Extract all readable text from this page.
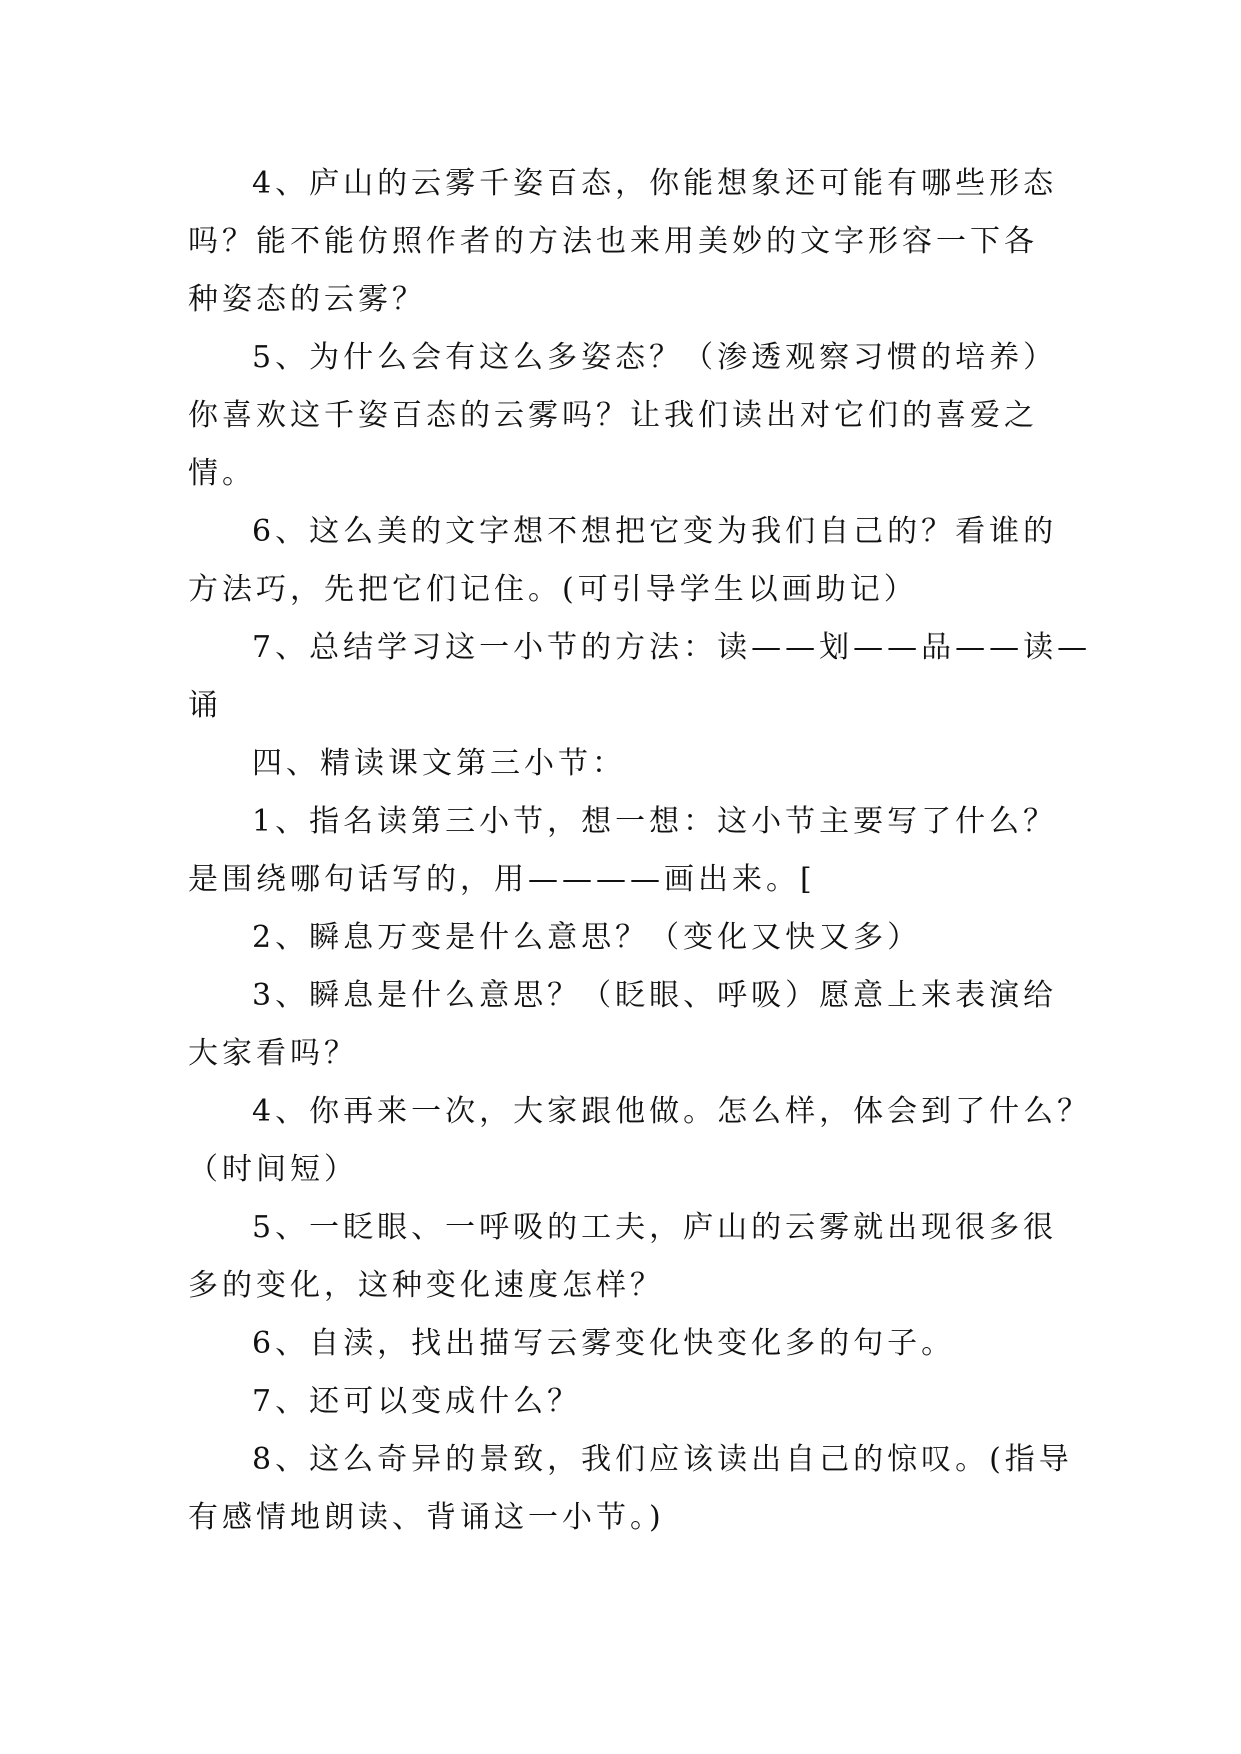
4、庐山的云雾千姿百态，你能想象还可能有哪些形态
吗？能不能仿照作者的方法也来用美妙的文字形容一下各
种姿态的云雾？

5、为什么会有这么多姿态？（渗透观察习惯的培养）
你喜欢这千姿百态的云雾吗？让我们读出对它们的喜爱之
情。

6、这么美的文字想不想把它变为我们自己的？看谁的
方法巧，先把它们记住。(可引导学生以画助记）

7、总结学习这一小节的方法：读——划——品——读—
诵

四、精读课文第三小节：

1、指名读第三小节，想一想：这小节主要写了什么？
是围绕哪句话写的，用————画出来。[

2、瞬息万变是什么意思？（变化又快又多）

3、瞬息是什么意思？（眨眼、呼吸）愿意上来表演给
大家看吗？

4、你再来一次，大家跟他做。怎么样，体会到了什么？
（时间短）

5、一眨眼、一呼吸的工夫，庐山的云雾就出现很多很
多的变化，这种变化速度怎样？

6、自渎，找出描写云雾变化快变化多的句子。

7、还可以变成什么？

8、这么奇异的景致，我们应该读出自己的惊叹。(指导
有感情地朗读、背诵这一小节。)
